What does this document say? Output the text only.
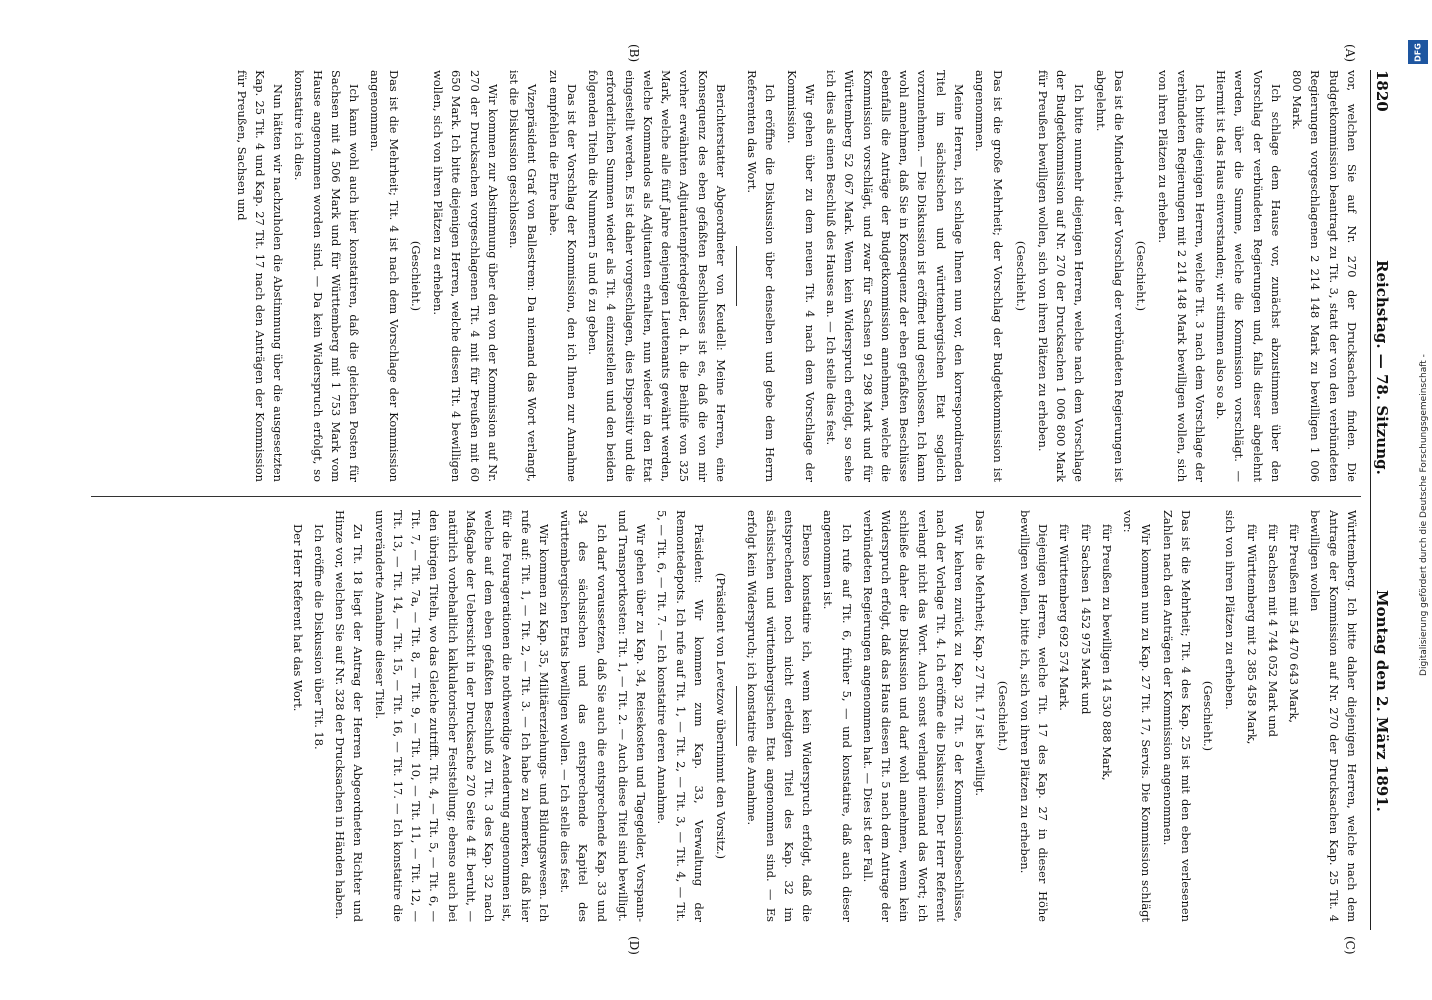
1820
Reichstag. — 78. Sitzung.
Montag den 2. März 1891.
(A)
(B)
(C)
(D)

vor, welchen Sie auf Nr. 270 der Drucksachen finden. Die Budgetkommission beantragt zu Tit. 3, statt der von den verbündeten Regierungen vorgeschlagenen 2 214 148 Mark zu bewilligen 1 006 800 Mark.

Ich schlage dem Hause vor, zunächst abzustimmen über den Vorschlag der verbündeten Regierungen und, falls dieser abgelehnt werden, über die Summe, welche die Kommission vorschlägt. — Hiermit ist das Haus einverstanden; wir stimmen also so ab.

Ich bitte diejenigen Herren, welche Tit. 3 nach dem Vorschlage der verbündeten Regierungen mit 2 214 148 Mark bewilligen wollen, sich von ihren Plätzen zu erheben.

(Geschieht.)

Das ist die Minderheit; der Vorschlag der verbündeten Regierungen ist abgelehnt.

Ich bitte nunmehr diejenigen Herren, welche nach dem Vorschlage der Budgetkommission auf Nr. 270 der Drucksachen 1 006 800 Mark für Preußen bewilligen wollen, sich von ihren Plätzen zu erheben.

(Geschieht.)

Das ist die große Mehrheit; der Vorschlag der Budgetkommission ist angenommen.

Meine Herren, ich schlage Ihnen nun vor, den korrespondirenden Titel im sächsischen und württembergischen Etat sogleich vorzunehmen. — Die Diskussion ist eröffnet und geschlossen. Ich kann wohl annehmen, daß Sie in Konsequenz der eben gefaßten Beschlüsse ebenfalls die Anträge der Budgetkommission annehmen, welche die Kommission vorschlägt, und zwar für Sachsen 91 298 Mark und für Württemberg 52 067 Mark. Wenn kein Widerspruch erfolgt, so sehe ich dies als einen Beschluß des Hauses an. — Ich stelle dies fest.

Wir gehen über zu dem neuen Tit. 4 nach dem Vorschlage der Kommission.

Ich eröffne die Diskussion über denselben und gebe dem Herrn Referenten das Wort.

Berichterstatter Abgeordneter von Keudell: Meine Herren, eine Konsequenz des eben gefaßten Beschlusses ist es, daß die von mir vorher erwähnten Adjutantenpferdegelder, d. h. die Beihilfe von 325 Mark, welche alle fünf Jahre denjenigen Lieutenants gewährt werden, welche Kommandos als Adjutanten erhalten, nun wieder in den Etat eingestellt werden. Es ist daher vorgeschlagen, dies Dispositiv und die erforderlichen Summen wieder als Tit. 4 einzustellen und den beiden folgenden Titeln die Nummern 5 und 6 zu geben.

Das ist der Vorschlag der Kommission, den ich Ihnen zur Annahme zu empfehlen die Ehre habe.

Vizepräsident Graf von Ballestrem: Da niemand das Wort verlangt, ist die Diskussion geschlossen.

Wir kommen zur Abstimmung über den von der Kommission auf Nr. 270 der Drucksachen vorgeschlagenen Tit. 4 mit für Preußen mit 60 650 Mark. Ich bitte diejenigen Herren, welche diesen Tit. 4 bewilligen wollen, sich von ihren Plätzen zu erheben.

(Geschieht.)

Das ist die Mehrheit; Tit. 4 ist nach dem Vorschlage der Kommission angenommen.

Ich kann wohl auch hier konstatiren, daß die gleichen Posten für Sachsen mit 4 506 Mark und für Württemberg mit 1 753 Mark vom Hause angenommen worden sind. — Da kein Widerspruch erfolgt, so konstatire ich dies.

Nun hätten wir nachzuholen die Abstimmung über die ausgesetzten Kap. 25 Tit. 4 und Kap. 27 Tit. 17 nach den Anträgen der Kommission für Preußen, Sachsen und

Württemberg. Ich bitte daher diejenigen Herren, welche nach dem Antrage der Kommission auf Nr. 270 der Drucksachen Kap. 25 Tit. 4 bewilligen wollen

für Preußen mit 54 470 643 Mark,

für Sachsen mit 4 744 052 Mark und

für Württemberg mit 2 385 458 Mark,

sich von ihren Plätzen zu erheben.

(Geschieht.)

Das ist die Mehrheit; Tit. 4 des Kap. 25 ist mit den eben verlesenen Zahlen nach den Anträgen der Kommission angenommen.

Wir kommen nun zu Kap. 27 Tit. 17, Servis. Die Kommission schlägt vor:

für Preußen zu bewilligen 14 530 888 Mark,

für Sachsen 1 452 975 Mark und

für Württemberg 692 574 Mark.

Diejenigen Herren, welche Tit. 17 des Kap. 27 in dieser Höhe bewilligen wollen, bitte ich, sich von ihren Plätzen zu erheben.

(Geschieht.)

Das ist die Mehrheit; Kap. 27 Tit. 17 ist bewilligt.

Wir kehren zurück zu Kap. 32 Tit. 5 der Kommissionsbeschlüsse, nach der Vorlage Tit. 4. Ich eröffne die Diskussion. Der Herr Referent verlangt nicht das Wort. Auch sonst verlangt niemand das Wort; ich schließe daher die Diskussion und darf wohl annehmen, wenn kein Widerspruch erfolgt, daß das Haus diesen Tit. 5 nach dem Antrage der verbündeten Regierungen angenommen hat. — Dies ist der Fall.

Ich rufe auf Tit. 6, früher 5, — und konstatire, daß auch dieser angenommen ist.

Ebenso konstatire ich, wenn kein Widerspruch erfolgt, daß die entsprechenden noch nicht erledigten Titel des Kap. 32 im sächsischen und württembergischen Etat angenommen sind. — Es erfolgt kein Widerspruch; ich konstatire die Annahme.

(Präsident von Levetzow übernimmt den Vorsitz.)

Präsident: Wir kommen zum Kap. 33, Verwaltung der Remontedepots. Ich rufe auf Tit. 1, — Tit. 2, — Tit. 3, — Tit. 4, — Tit. 5, — Tit. 6, — Tit. 7. — Ich konstatire deren Annahme.

Wir gehen über zu Kap. 34, Reisekosten und Tagegelder, Vorspann- und Transportkosten: Tit. 1, — Tit. 2. — Auch diese Titel sind bewilligt.

Ich darf voraussetzen, daß Sie auch die entsprechende Kap. 33 und 34 des sächsischen und das entsprechende Kapitel des württembergischen Etats bewilligen wollen. — Ich stelle dies fest.

Wir kommen zu Kap. 35, Militärerziehungs- und Bildungswesen. Ich rufe auf: Tit. 1, — Tit. 2, — Tit. 3. — Ich habe zu bemerken, daß hier für die Fouragerationen die nothwendige Aenderung angenommen ist, welche auf dem eben gefaßten Beschluß zu Tit. 3 des Kap. 32 nach Maßgabe der Uebersicht in der Drucksache 270 Seite 4 ff. beruht, — natürlich vorbehaltlich kalkulatorischer Feststellung; ebenso auch bei den übrigen Titeln, wo das Gleiche zutrifft. Tit. 4, — Tit. 5, — Tit. 6, — Tit. 7, — Tit. 7a, — Tit. 8, — Tit. 9, — Tit. 10, — Tit. 11, — Tit. 12, — Tit. 13, — Tit. 14, — Tit. 15, — Tit. 16, — Tit. 17. — Ich konstatire die unveränderte Annahme dieser Titel.

Zu Tit. 18 liegt der Antrag der Herren Abgeordneten Richter und Hinze vor, welchen Sie auf Nr. 328 der Drucksachen in Händen haben.

Ich eröffne die Diskussion über Tit. 18.

Der Herr Referent hat das Wort.

DFG
Digitalisierung gefördert durch die Deutsche Forschungsgemeinschaft -
